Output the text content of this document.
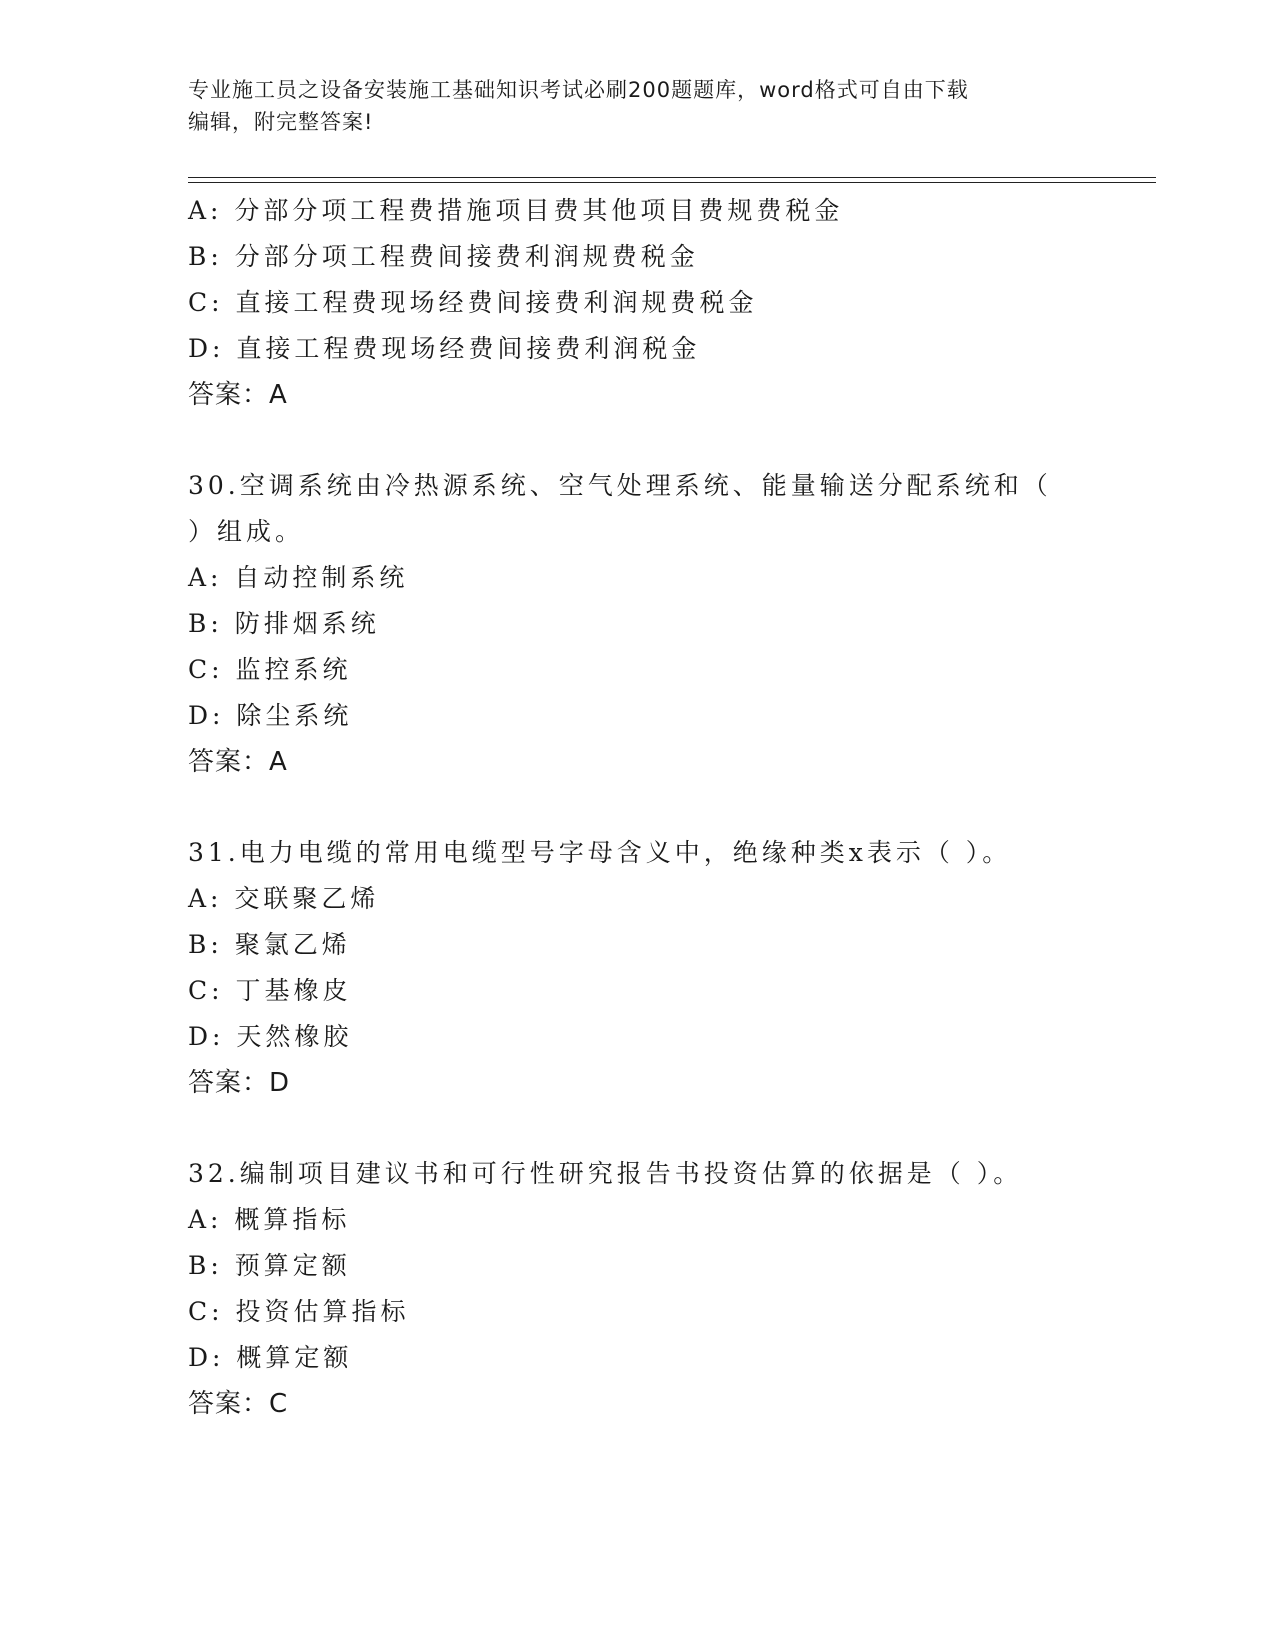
专业施工员之设备安装施工基础知识考试必刷200题题库，word格式可自由下载
编辑，附完整答案!
A: 分部分项工程费措施项目费其他项目费规费税金
B: 分部分项工程费间接费利润规费税金
C: 直接工程费现场经费间接费利润规费税金
D: 直接工程费现场经费间接费利润税金
答案：A
30.空调系统由冷热源系统、空气处理系统、能量输送分配系统和（
）组成。
A: 自动控制系统
B: 防排烟系统
C: 监控系统
D: 除尘系统
答案：A
31.电力电缆的常用电缆型号字母含义中，绝缘种类x表示（ ）。
A: 交联聚乙烯
B: 聚氯乙烯
C: 丁基橡皮
D: 天然橡胶
答案：D
32.编制项目建议书和可行性研究报告书投资估算的依据是（ ）。
A: 概算指标
B: 预算定额
C: 投资估算指标
D: 概算定额
答案：C
